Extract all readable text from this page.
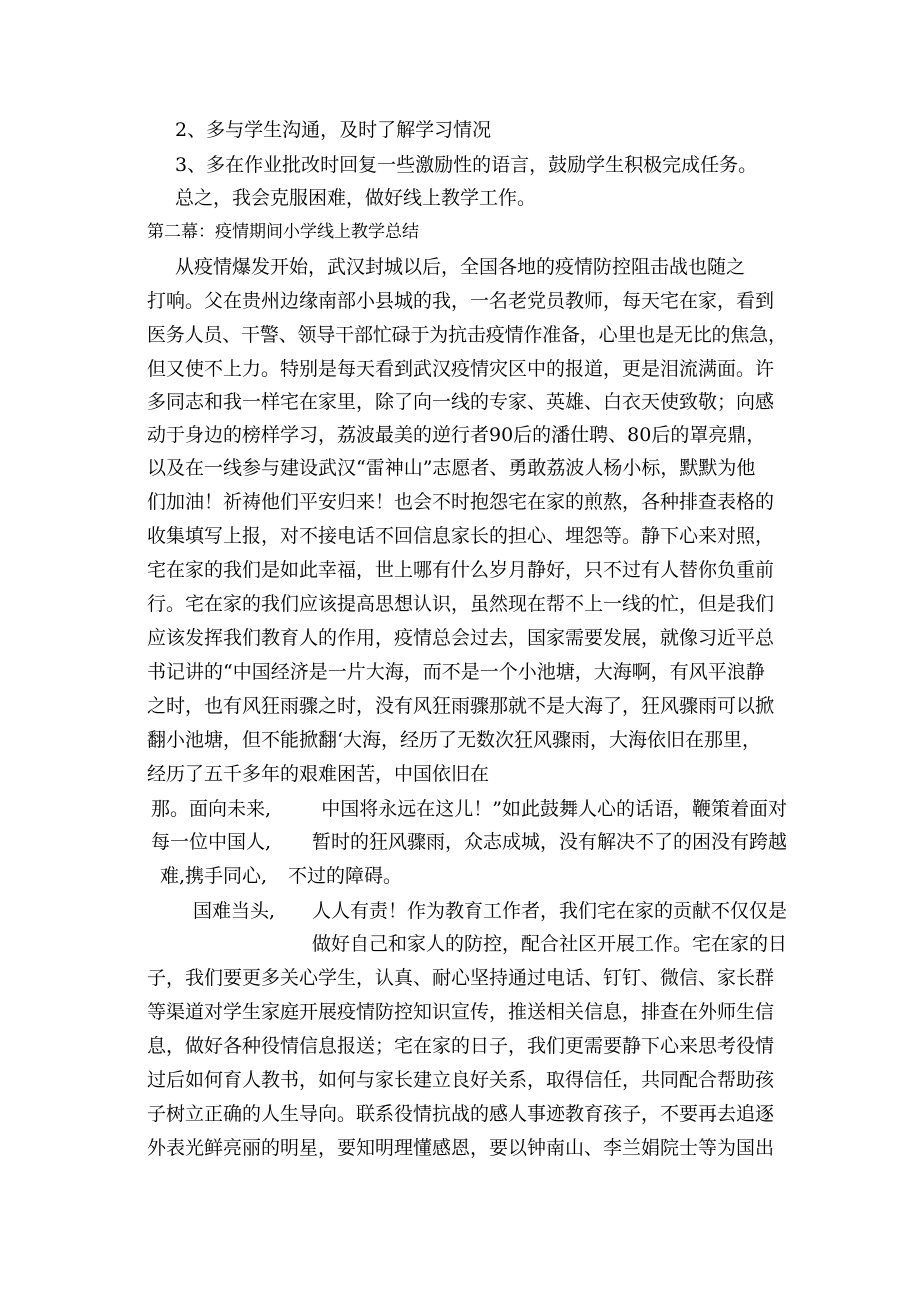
2、多与学生沟通，及时了解学习情况
3、多在作业批改时回复一些激励性的语言，鼓励学生积极完成任务。
总之，我会克服困难，做好线上教学工作。
第二幕：疫情期间小学线上教学总结
从疫情爆发开始，武汉封城以后，全国各地的疫情防控阻击战也随之
打响。父在贵州边缘南部小县城的我，一名老党员教师，每天宅在家，看到
医务人员、干警、领导干部忙碌于为抗击疫情作准备，心里也是无比的焦急，
但又使不上力。特别是每天看到武汉疫情灾区中的报道，更是泪流满面。许
多同志和我一样宅在家里，除了向一线的专家、英雄、白衣天使致敬；向感
动于身边的榜样学习，荔波最美的逆行者90后的潘仕聘、80后的罩亮鼎，
以及在一线参与建设武汉“雷神山”志愿者、勇敢荔波人杨小标，默默为他
们加油！祈祷他们平安归来！也会不时抱怨宅在家的煎熬，各种排查表格的
收集填写上报，对不接电话不回信息家长的担心、埋怨等。静下心来对照，
宅在家的我们是如此幸福，世上哪有什么岁月静好，只不过有人替你负重前
行。宅在家的我们应该提高思想认识，虽然现在帮不上一线的忙，但是我们
应该发挥我们教育人的作用，疫情总会过去，国家需要发展，就像习近平总
书记讲的“中国经济是一片大海，而不是一个小池塘，大海啊，有风平浪静
之时，也有风狂雨骤之时，没有风狂雨骤那就不是大海了，狂风骤雨可以掀
翻小池塘，但不能掀翻‘大海，经历了无数次狂风骤雨，大海依旧在那里，
经历了五千多年的艰难困苦，中国依旧在
那。面向未来,
每一位中国人,
难,携手同心,
国难当头,
中国将永远在这儿！”如此鼓舞人心的话语，鞭策着面对
暂时的狂风骤雨，众志成城，没有解决不了的困没有跨越
不过的障碍。
人人有责！作为教育工作者，我们宅在家的贡献不仅仅是
做好自己和家人的防控，配合社区开展工作。宅在家的日
子，我们要更多关心学生，认真、耐心坚持通过电话、钉钉、微信、家长群
等渠道对学生家庭开展疫情防控知识宣传，推送相关信息，排查在外师生信
息，做好各种役情信息报送；宅在家的日子，我们更需要静下心来思考役情
过后如何育人教书，如何与家长建立良好关系，取得信任，共同配合帮助孩
子树立正确的人生导向。联系役情抗战的感人事迹教育孩子，不要再去追逐
外表光鲜亮丽的明星，要知明理懂感恩，要以钟南山、李兰娟院士等为国出
